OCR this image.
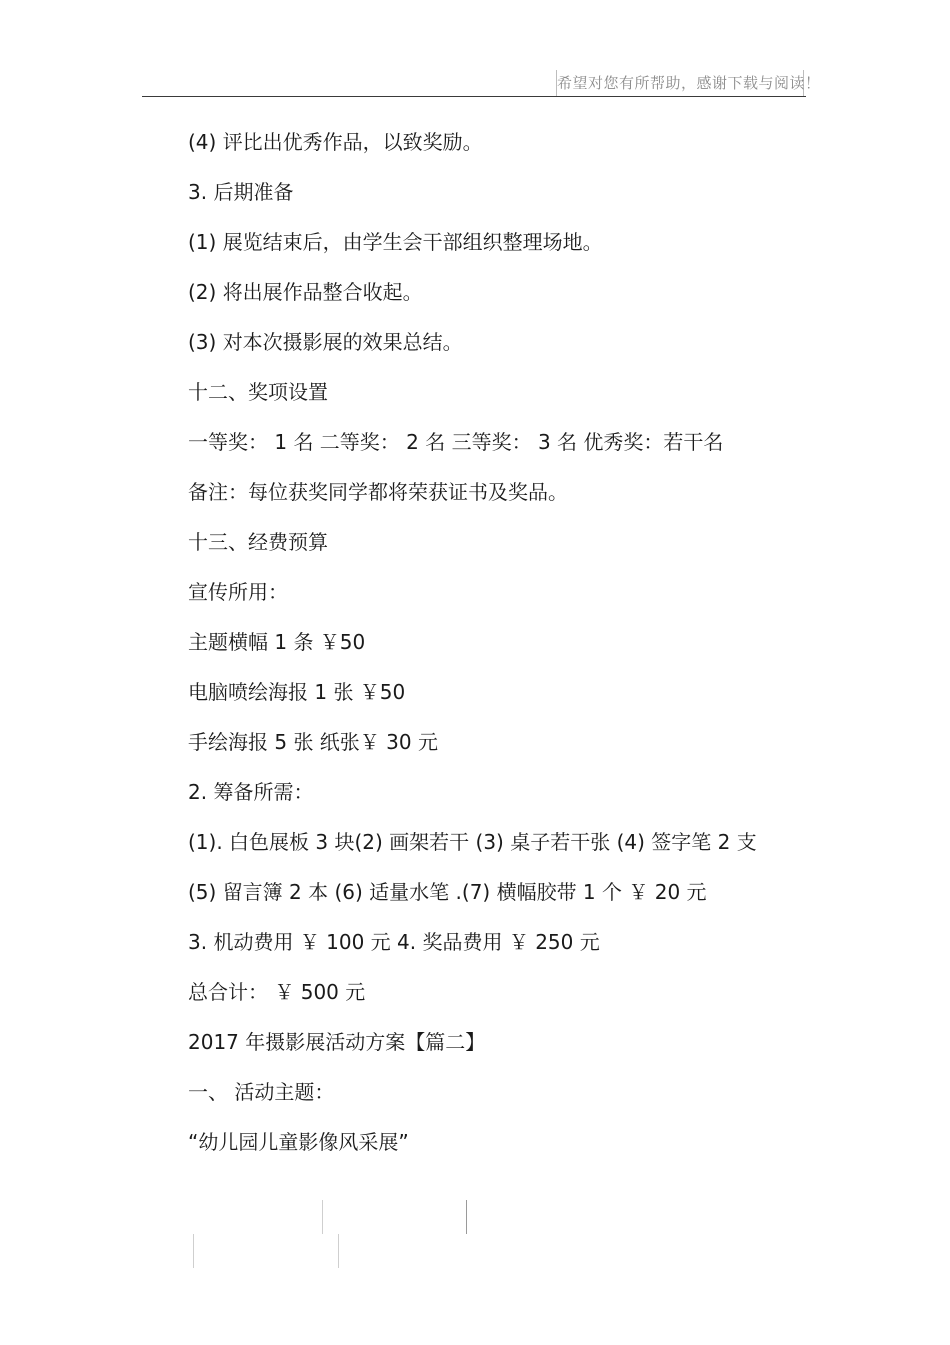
希望对您有所帮助，感谢下载与阅读！
(4) 评比出优秀作品，以致奖励。
3. 后期准备
(1) 展览结束后，由学生会干部组织整理场地。
(2) 将出展作品整合收起。
(3) 对本次摄影展的效果总结。
十二、奖项设置
一等奖： 1 名 二等奖： 2 名 三等奖： 3 名 优秀奖：若干名
备注：每位获奖同学都将荣获证书及奖品。
十三、经费预算
宣传所用：
主题横幅 1 条 ￥50
电脑喷绘海报 1 张 ￥50
手绘海报 5 张 纸张￥ 30 元
2. 筹备所需：
(1). 白色展板 3 块(2) 画架若干 (3) 桌子若干张 (4) 签字笔 2 支
(5) 留言簿 2 本 (6) 适量水笔 .(7) 横幅胶带 1 个 ￥ 20 元
3. 机动费用 ￥ 100 元 4. 奖品费用 ￥ 250 元
总合计： ￥ 500 元
2017 年摄影展活动方案【篇二】
一、 活动主题：
“幼儿园儿童影像风采展”
